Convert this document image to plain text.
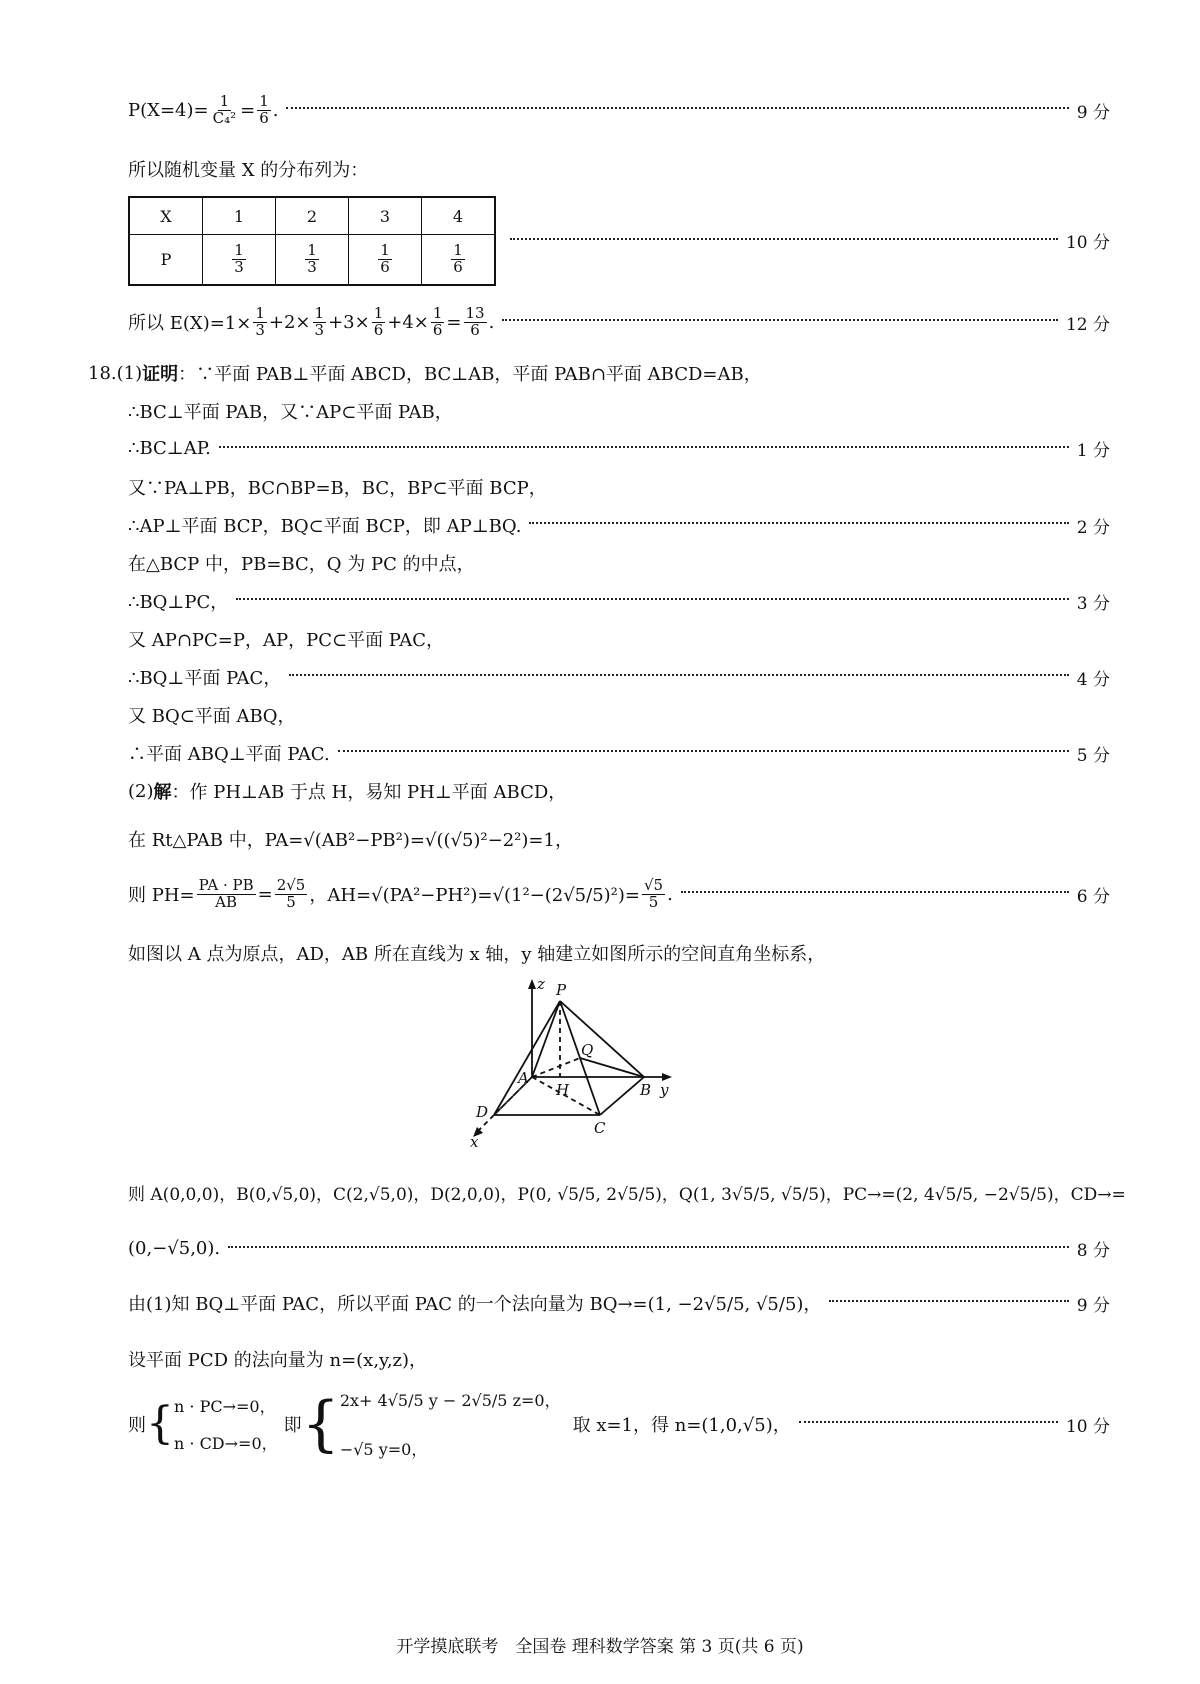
$P(X=4)= \frac{1}{\text{C₄²}} = \frac{1}{6}$ .	9 分
所以随机变量 X 的分布列为：
X	1	2	3	4
P	$\frac{1}{3}$	$\frac{1}{3}$	$\frac{1}{6}$	$\frac{1}{6}$	10 分
所以 $E(X)=1\times \frac{1}{3} +2\times \frac{1}{3} +3\times \frac{1}{6} +4\times \frac{1}{6} = \frac{13}{6}$ .	12 分
18.(1) 证明 ：∵平面 PAB⊥平面 ABCD，BC⊥AB，平面 PAB∩平面 ABCD=AB，
∴BC⊥平面 PAB，又∵AP⊂平面 PAB，
∴BC⊥AP.	1 分
又∵PA⊥PB，BC∩BP=B，BC，BP⊂平面 BCP，
∴AP⊥平面 BCP，BQ⊂平面 BCP，即 AP⊥BQ.	2 分
在△BCP 中，PB=BC，Q 为 PC 的中点，
∴BQ⊥PC，	3 分
又 AP∩PC=P，AP，PC⊂平面 PAC，
∴BQ⊥平面 PAC，	4 分
又 BQ⊂平面 ABQ，
∴平面 ABQ⊥平面 PAC.	5 分
(2) 解 ：作 PH⊥AB 于点 H，易知 PH⊥平面 ABCD，
在 Rt△PAB 中，PA=√(AB²−PB²)=√((√5)²−2²)=1，
则 $PH= \frac{PA \cdot PB}{AB} = \frac{2√5}{5}$ ，$AH=√(PA^2-PH^2)=√(1^2-(2√5/5)^2)= \frac{√5}{5}$ .	6 分
如图以 A 点为原点，AD，AB 所在直线为 x 轴，y 轴建立如图所示的空间直角坐标系，
z P
Q
A
H	B y
D
C
x
则 A(0,0,0)，B(0,√5,0)，C(2,√5,0)，D(2,0,0)，P(0, √5/5, 2√5/5)，Q(1, 3√5/5, √5/5)，PC→=(2, 4√5/5, −2√5/5)，CD→=
(0,−√5,0).	8 分
由(1)知 BQ⊥平面 PAC，所以平面 PAC 的一个法向量为 BQ→=(1, −2√5/5, √5/5)，	9 分
设平面 PCD 的法向量为 n=(x,y,z)，
则 { n · PC→=0，
n · CD→=0，
即 { 2x+ 4√5/5 y − 2√5/5 z=0，
−√5 y=0，
取 x=1，得 n=(1,0,√5)，	10 分
开学摸底联考　全国卷 理科数学答案 第 3 页(共 6 页)
